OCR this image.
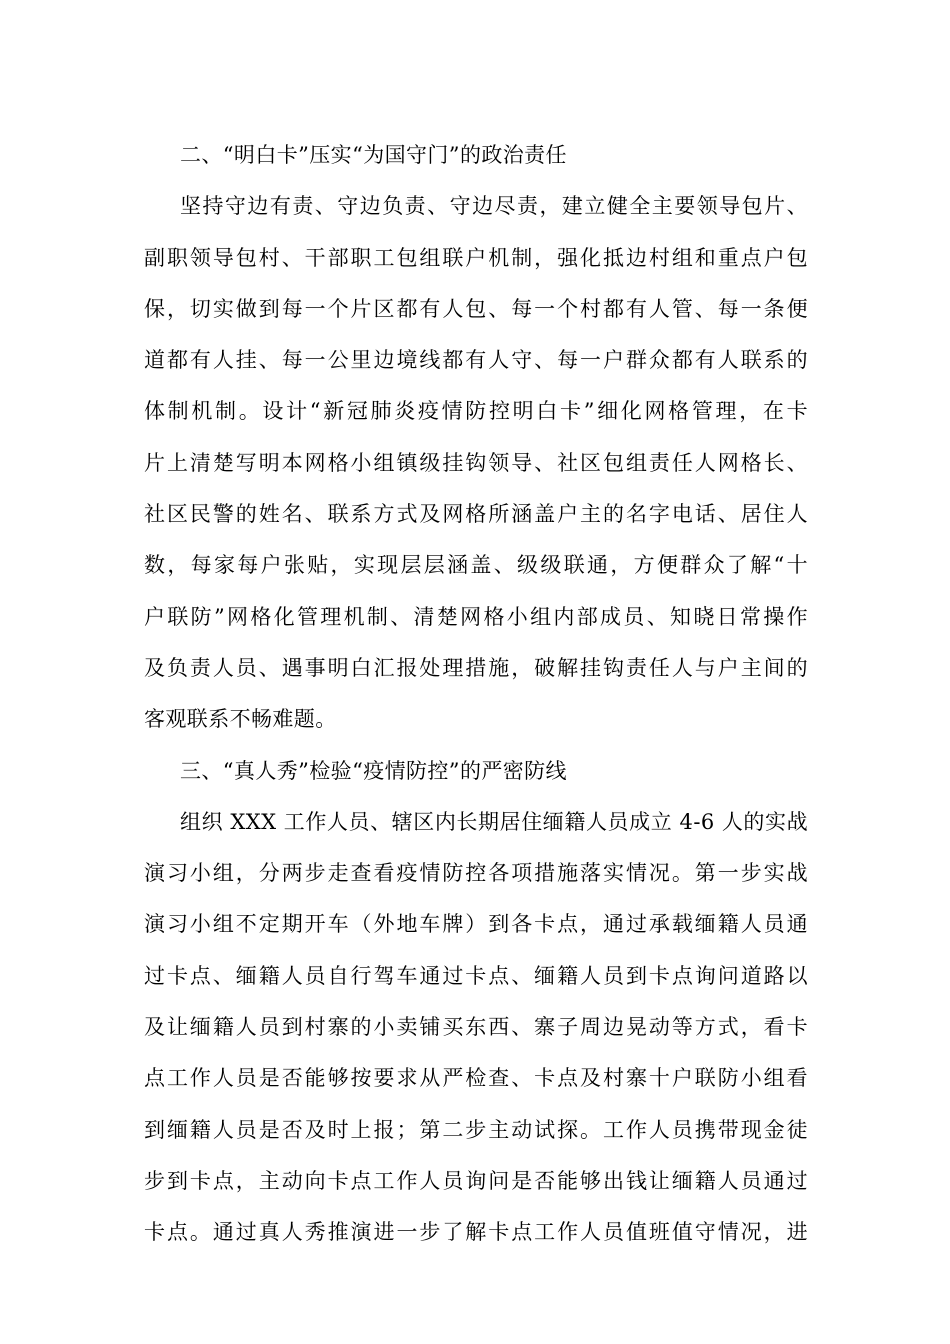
二、“明白卡”压实“为国守门”的政治责任
坚持守边有责、守边负责、守边尽责，建立健全主要领导包片、
副职领导包村、干部职工包组联户机制，强化抵边村组和重点户包
保，切实做到每一个片区都有人包、每一个村都有人管、每一条便
道都有人挂、每一公里边境线都有人守、每一户群众都有人联系的
体制机制。设计“新冠肺炎疫情防控明白卡”细化网格管理，在卡
片上清楚写明本网格小组镇级挂钩领导、社区包组责任人网格长、
社区民警的姓名、联系方式及网格所涵盖户主的名字电话、居住人
数，每家每户张贴，实现层层涵盖、级级联通，方便群众了解“十
户联防”网格化管理机制、清楚网格小组内部成员、知晓日常操作
及负责人员、遇事明白汇报处理措施，破解挂钩责任人与户主间的
客观联系不畅难题。
三、“真人秀”检验“疫情防控”的严密防线
组织 XXX 工作人员、辖区内长期居住缅籍人员成立 4-6 人的实战
演习小组，分两步走查看疫情防控各项措施落实情况。第一步实战
演习小组不定期开车（外地车牌）到各卡点，通过承载缅籍人员通
过卡点、缅籍人员自行驾车通过卡点、缅籍人员到卡点询问道路以
及让缅籍人员到村寨的小卖铺买东西、寨子周边晃动等方式，看卡
点工作人员是否能够按要求从严检查、卡点及村寨十户联防小组看
到缅籍人员是否及时上报；第二步主动试探。工作人员携带现金徒
步到卡点，主动向卡点工作人员询问是否能够出钱让缅籍人员通过
卡点。通过真人秀推演进一步了解卡点工作人员值班值守情况，进
